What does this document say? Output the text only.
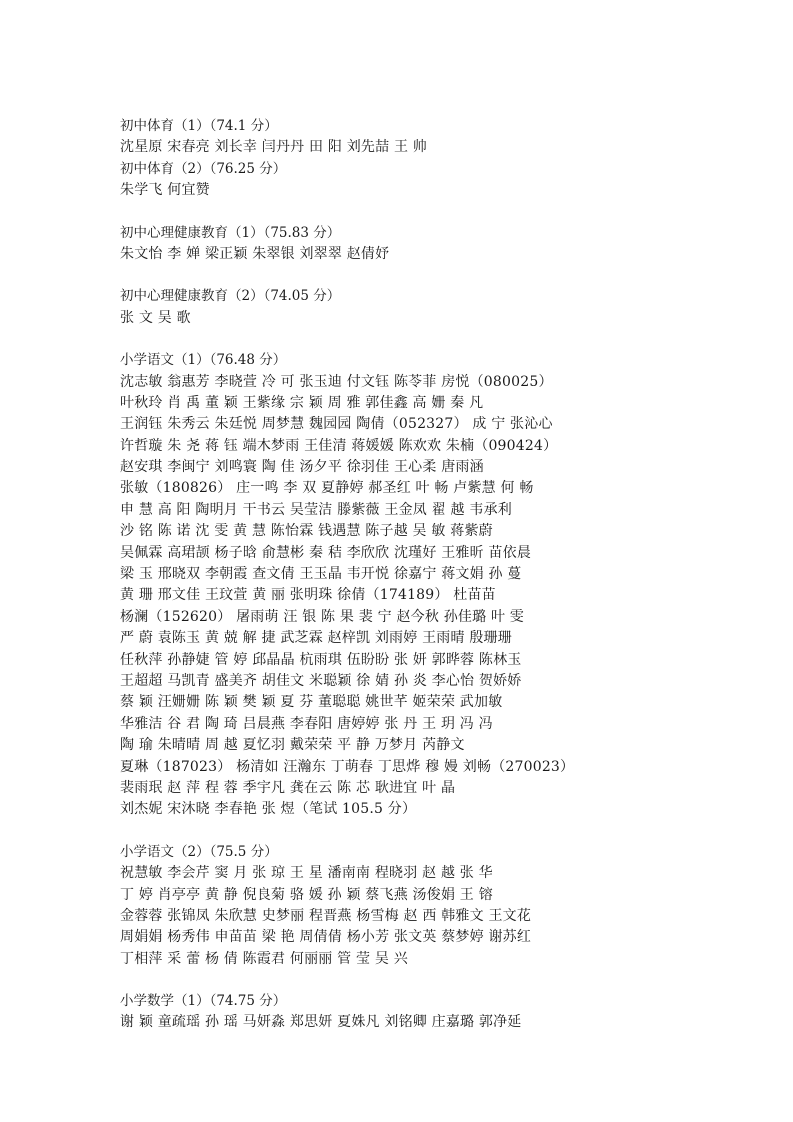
初中体育（1）（74.1 分）
沈星原 宋春亮 刘长幸 闫丹丹 田 阳 刘先喆 王 帅
初中体育（2）（76.25 分）
朱学飞 何宜赞
初中心理健康教育（1）（75.83 分）
朱文怡 李 婵 梁正颖 朱翠银 刘翠翠 赵倩妤
初中心理健康教育（2）（74.05 分）
张 文 吴 歌
小学语文（1）（76.48 分）
沈志敏 翁惠芳 李晓萱 冷 可 张玉迪 付文钰 陈苓菲 房悦（080025）
叶秋玲 肖 禹 董 颖 王紫缘 宗 颖 周 雅 郭佳鑫 高 姗 秦 凡
王润钰 朱秀云 朱廷悦 周梦慧 魏园园 陶倩（052327） 成 宁 张沁心
许哲璇 朱 尧 蒋 钰 端木梦雨 王佳清 蒋媛媛 陈欢欢 朱楠（090424）
赵安琪 李闽宁 刘鸣寰 陶 佳 汤夕平 徐羽佳 王心柔 唐雨涵
张敏（180826） 庄一鸣 李 双 夏静婷 郝圣红 叶 畅 卢紫慧 何 畅
申 慧 高 阳 陶明月 干书云 吴莹洁 滕紫薇 王金凤 翟 越 韦承利
沙 铭 陈 诺 沈 雯 黄 慧 陈怡霖 钱遇慧 陈子越 吴 敏 蒋紫蔚
吴佩霖 高珺颉 杨子晗 俞慧彬 秦 秸 李欣欣 沈瑾好 王雅昕 苗依晨
梁 玉 邢晓双 李朝霞 查文倩 王玉晶 韦开悦 徐嘉宁 蒋文娟 孙 蔓
黄 珊 邢文佳 王玟萱 黄 丽 张明珠 徐倩（174189） 杜苗苗
杨澜（152620） 屠雨萌 汪 银 陈 果 裴 宁 赵今秋 孙佳璐 叶 雯
严 蔚 袁陈玉 黄 兢 解 捷 武芝霖 赵梓凯 刘雨婷 王雨晴 殷珊珊
任秋萍 孙静婕 管 婷 邱晶晶 杭雨琪 伍盼盼 张 妍 郭晔蓉 陈林玉
王超超 马凯青 盛美齐 胡佳文 米聪颖 徐 婧 孙 炎 李心怡 贺娇娇
蔡 颖 汪姗姗 陈 颖 樊 颖 夏 芬 董聪聪 姚世芊 姬荣荣 武加敏
华雅洁 谷 君 陶 琦 吕晨燕 李春阳 唐婷婷 张 丹 王 玥 冯 冯
陶 瑜 朱晴晴 周 越 夏忆羽 戴荣荣 平 静 万梦月 芮静文
夏琳（187023） 杨清如 汪瀚东 丁萌春 丁思烨 穆 嫚 刘畅（270023）
裴雨珉 赵 萍 程 蓉 季宇凡 龚在云 陈 芯 耿进宜 叶 晶
刘杰妮 宋沐晓 李春艳 张 煜（笔试 105.5 分）
小学语文（2）（75.5 分）
祝慧敏 李会芹 窦 月 张 琼 王 星 潘南南 程晓羽 赵 越 张 华
丁 婷 肖亭亭 黄 静 倪良菊 骆 媛 孙 颖 蔡飞燕 汤俊娟 王 镕
金蓉蓉 张锦凤 朱欣慧 史梦丽 程晋燕 杨雪梅 赵 西 韩雅文 王文花
周娟娟 杨秀伟 申苗苗 梁 艳 周倩倩 杨小芳 张文英 蔡梦婷 谢苏红
丁相萍 采 蕾 杨 倩 陈霞君 何丽丽 管 莹 吴 兴
小学数学（1）（74.75 分）
谢 颖 童疏瑶 孙 瑶 马妍淼 郑思妍 夏姝凡 刘铭卿 庄嘉璐 郭净延
